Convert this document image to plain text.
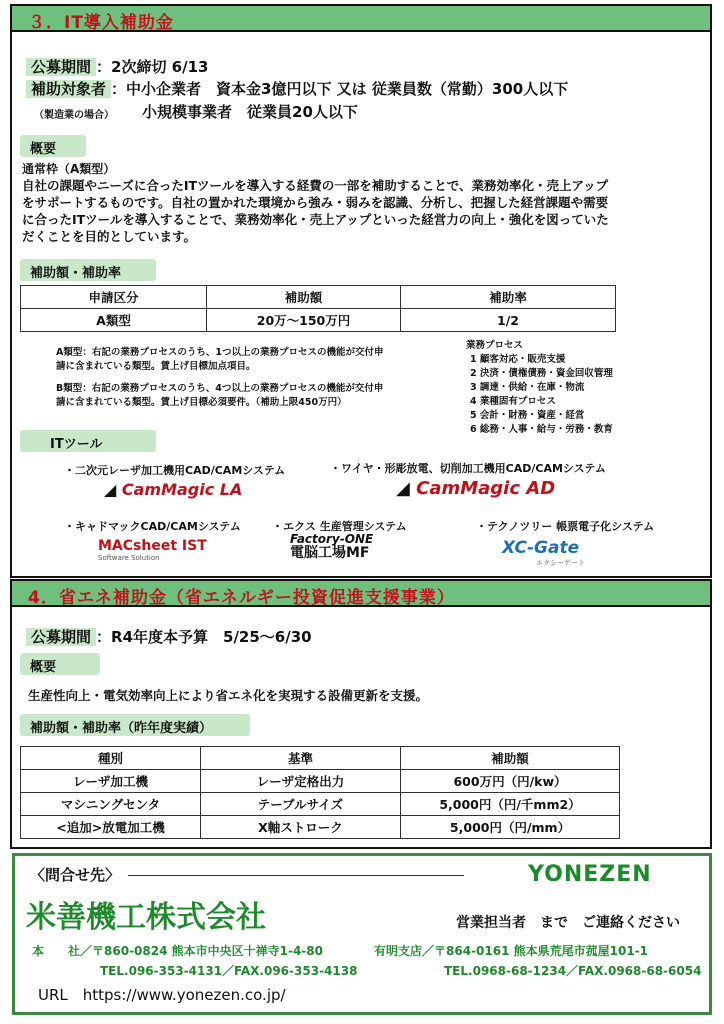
３．IT導入補助金
公募期間 ：2次締切 6/13
補助対象者 ：中小企業者　資本金3億円以下 又は 従業員数（常勤）300人以下
（製造業の場合） 小規模事業者　従業員20人以下
概要
通常枠（A類型）
自社の課題やニーズに合ったITツールを導入する経費の一部を補助することで、業務効率化・売上アップ
をサポートするものです。自社の置かれた環境から強み・弱みを認識、分析し、把握した経営課題や需要
に合ったITツールを導入することで、業務効率化・売上アップといった経営力の向上・強化を図っていた
だくことを目的としています。
補助額・補助率
申請区分	補助額	補助率
A類型	20万～150万円	1/2
A類型：右記の業務プロセスのうち、1つ以上の業務プロセスの機能が交付申
請に含まれている類型。賃上げ目標加点項目。
B類型：右記の業務プロセスのうち、4つ以上の業務プロセスの機能が交付申
請に含まれている類型。賃上げ目標必須要件。（補助上限450万円）
業務プロセス
1 顧客対応・販売支援
2 決済・債権債務・資金回収管理
3 調達・供給・在庫・物流
4 業種固有プロセス
5 会計・財務・資産・経営
6 総務・人事・給与・労務・教育
ITツール
・二次元レーザ加工機用CAD/CAMシステム
◢ CamMagic LA
・ワイヤ・形彫放電、切削加工機用CAD/CAMシステム
◢ CamMagic AD
・キャドマックCAD/CAMシステム
MACsheet IST
Software Solution
・エクス 生産管理システム
Factory-ONE
電脳工場MF
・テクノツリー 帳票電子化システム
XC-Gate
エクシーゲート
4．省エネ補助金（省エネルギー投資促進支援事業）
公募期間 ：R4年度本予算　5/25～6/30
概要
生産性向上・電気効率向上により省エネ化を実現する設備更新を支援。
補助額・補助率（昨年度実績）
種別	基準	補助額
レーザ加工機	レーザ定格出力	600万円（円/kw）
マシニングセンタ	テーブルサイズ	5,000円（円/千mm2）
<追加>放電加工機	X軸ストローク	5,000円（円/mm）
〈問合せ先〉	YONEZEN
米善機工株式会社	営業担当者　まで　ご連絡ください
本　　社／〒860-0824 熊本市中央区十禅寺1-4-80
TEL.096-353-4131／FAX.096-353-4138
有明支店／〒864-0161 熊本県荒尾市菰屋101-1
TEL.0968-68-1234／FAX.0968-68-6054
URL　https://www.yonezen.co.jp/
